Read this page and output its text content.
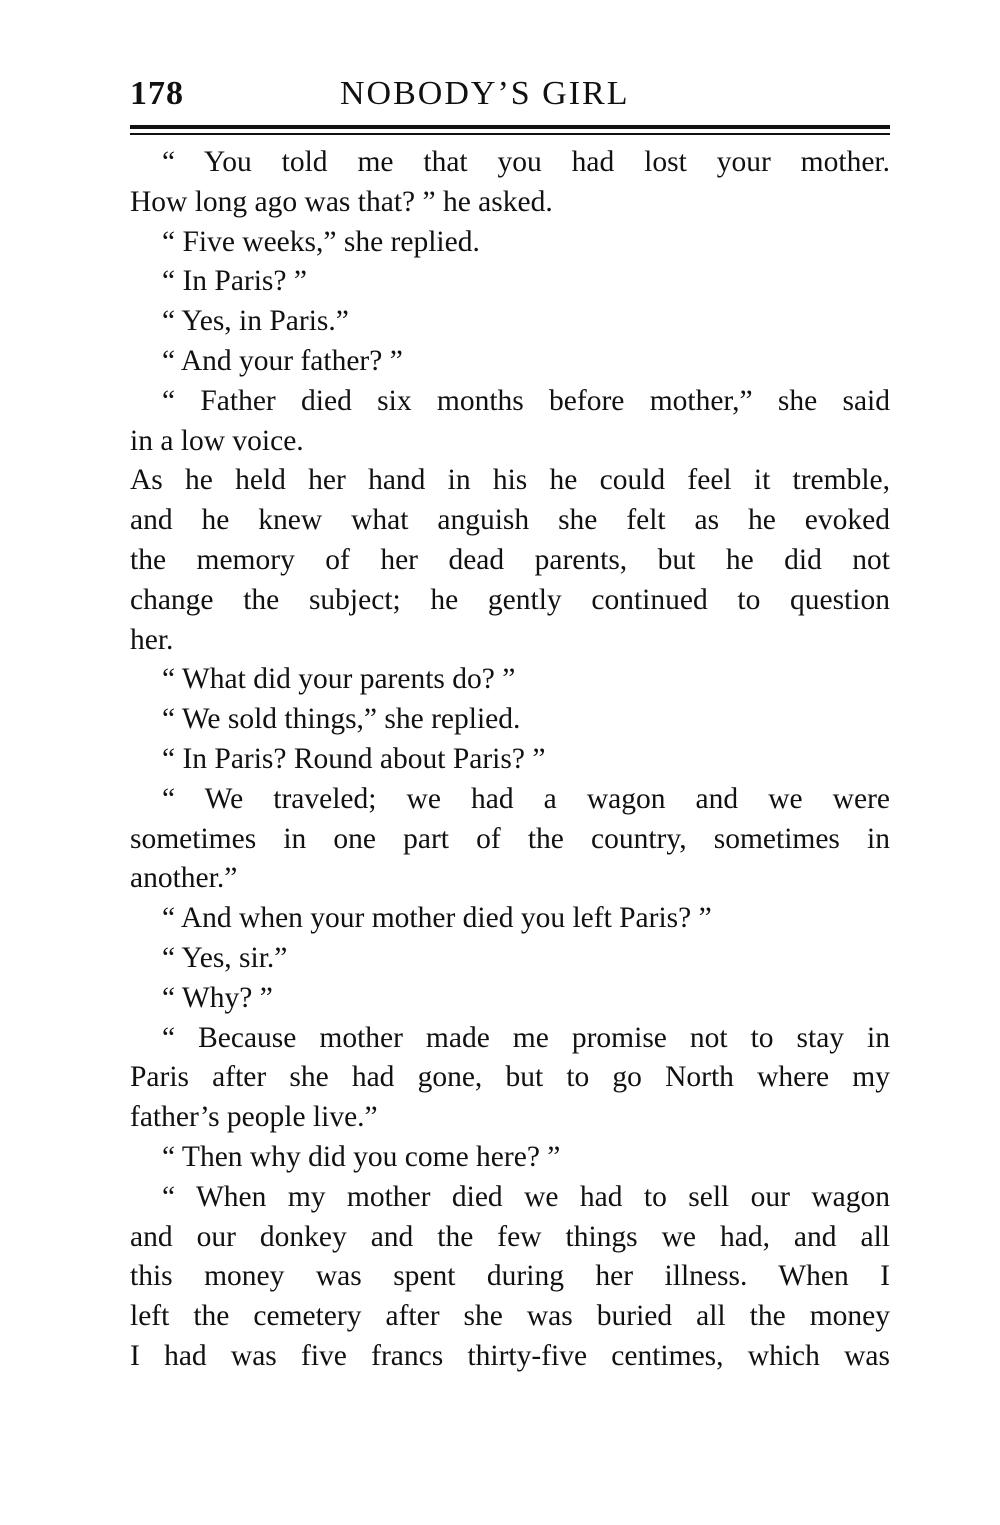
178	NOBODY’S GIRL
“ You told me that you had lost your mother.
How long ago was that? ” he asked.
“ Five weeks,” she replied.
“ In Paris? ”
“ Yes, in Paris.”
“ And your father? ”
“ Father died six months before mother,” she said
in a low voice.
As he held her hand in his he could feel it tremble,
and he knew what anguish she felt as he evoked
the memory of her dead parents, but he did not
change the subject; he gently continued to question
her.
“ What did your parents do? ”
“ We sold things,” she replied.
“ In Paris? Round about Paris? ”
“ We traveled; we had a wagon and we were
sometimes in one part of the country, sometimes in
another.”
“ And when your mother died you left Paris? ”
“ Yes, sir.”
“ Why? ”
“ Because mother made me promise not to stay in
Paris after she had gone, but to go North where my
father’s people live.”
“ Then why did you come here? ”
“ When my mother died we had to sell our wagon
and our donkey and the few things we had, and all
this money was spent during her illness. When I
left the cemetery after she was buried all the money
I had was five francs thirty-five centimes, which was
